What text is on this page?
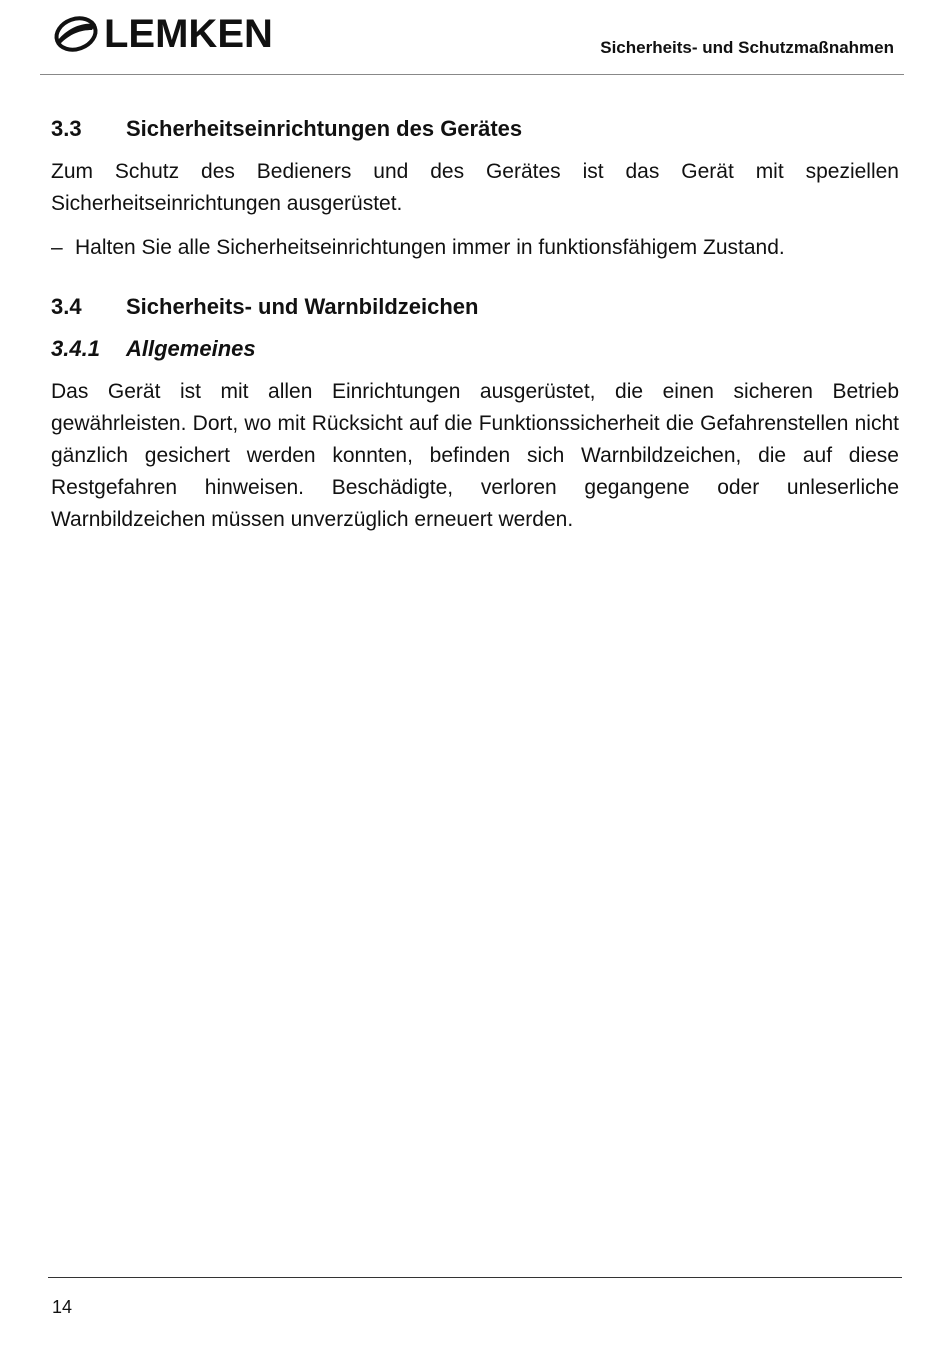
LEMKEN	Sicherheits- und Schutzmaßnahmen
3.3	Sicherheitseinrichtungen des Gerätes

Zum Schutz des Bedieners und des Gerätes ist das Gerät mit speziellen Sicherheitseinrichtungen ausgerüstet.

– Halten Sie alle Sicherheitseinrichtungen immer in funktionsfähigem Zustand.
3.4	Sicherheits- und Warnbildzeichen
3.4.1	Allgemeines

Das Gerät ist mit allen Einrichtungen ausgerüstet, die einen sicheren Betrieb gewährleisten. Dort, wo mit Rücksicht auf die Funktionssicherheit die Gefahrenstellen nicht gänzlich gesichert werden konnten, befinden sich Warnbildzeichen, die auf diese Restgefahren hinweisen. Beschädigte, verloren gegangene oder unleserliche Warnbildzeichen müssen unverzüglich erneuert werden.

14
